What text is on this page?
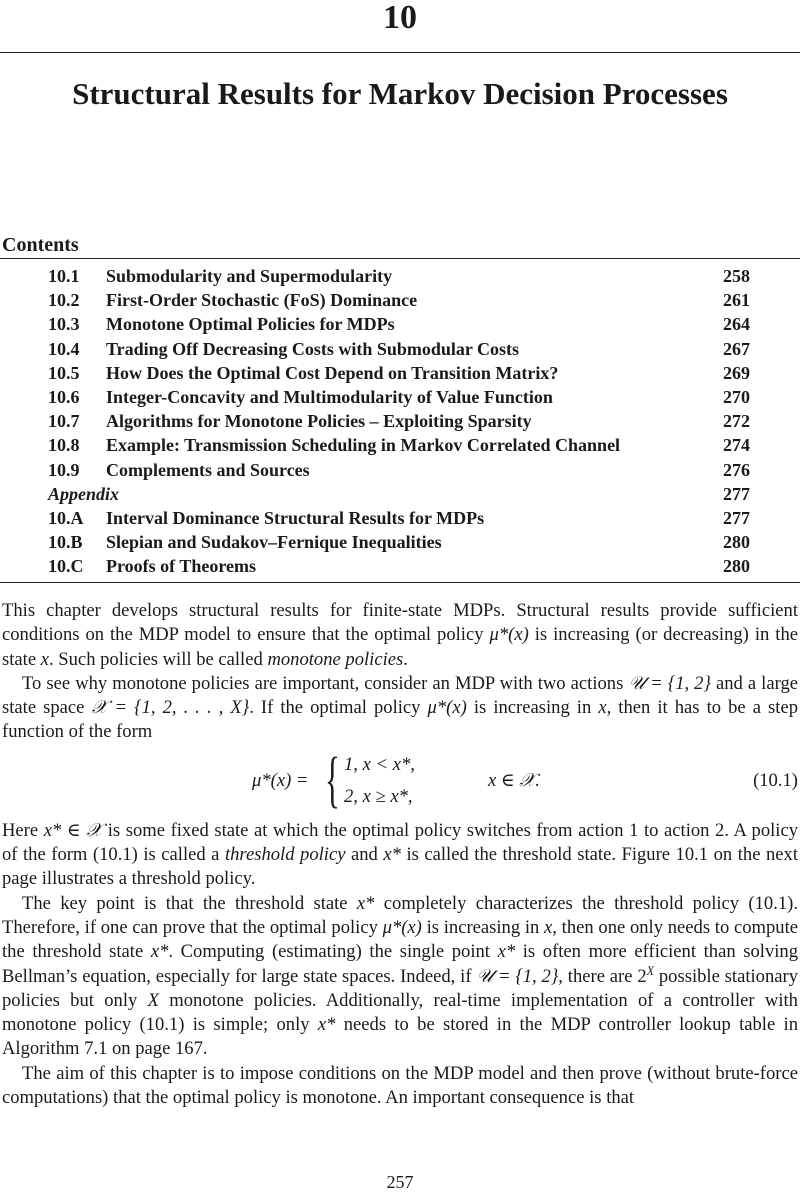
10
Structural Results for Markov Decision Processes
Contents
10.1 Submodularity and Supermodularity	258
10.2 First-Order Stochastic (FoS) Dominance	261
10.3 Monotone Optimal Policies for MDPs	264
10.4 Trading Off Decreasing Costs with Submodular Costs	267
10.5 How Does the Optimal Cost Depend on Transition Matrix?	269
10.6 Integer-Concavity and Multimodularity of Value Function	270
10.7 Algorithms for Monotone Policies – Exploiting Sparsity	272
10.8 Example: Transmission Scheduling in Markov Correlated Channel	274
10.9 Complements and Sources	276
Appendix	277
10.A Interval Dominance Structural Results for MDPs	277
10.B Slepian and Sudakov–Fernique Inequalities	280
10.C Proofs of Theorems	280

This chapter develops structural results for finite-state MDPs. Structural results provide sufficient conditions on the MDP model to ensure that the optimal policy μ*(x) is increasing (or decreasing) in the state x. Such policies will be called monotone policies.

To see why monotone policies are important, consider an MDP with two actions 𝒰 = {1, 2} and a large state space 𝒳 = {1, 2, . . . , X}. If the optimal policy μ*(x) is increasing in x, then it has to be a step function of the form

μ*(x) = { 1, x < x*,
2, x ≥ x*,
x ∈ 𝒳.	(10.1)

Here x* ∈ 𝒳 is some fixed state at which the optimal policy switches from action 1 to action 2. A policy of the form (10.1) is called a threshold policy and x* is called the threshold state. Figure 10.1 on the next page illustrates a threshold policy.

The key point is that the threshold state x* completely characterizes the threshold policy (10.1). Therefore, if one can prove that the optimal policy μ*(x) is increasing in x, then one only needs to compute the threshold state x*. Computing (estimating) the single point x* is often more efficient than solving Bellman’s equation, especially for large state spaces. Indeed, if 𝒰 = {1, 2}, there are $2^X$ possible stationary policies but only X monotone policies. Additionally, real-time implementation of a controller with monotone policy (10.1) is simple; only x* needs to be stored in the MDP controller lookup table in Algorithm 7.1 on page 167.

The aim of this chapter is to impose conditions on the MDP model and then prove (without brute-force computations) that the optimal policy is monotone. An important consequence is that

257
